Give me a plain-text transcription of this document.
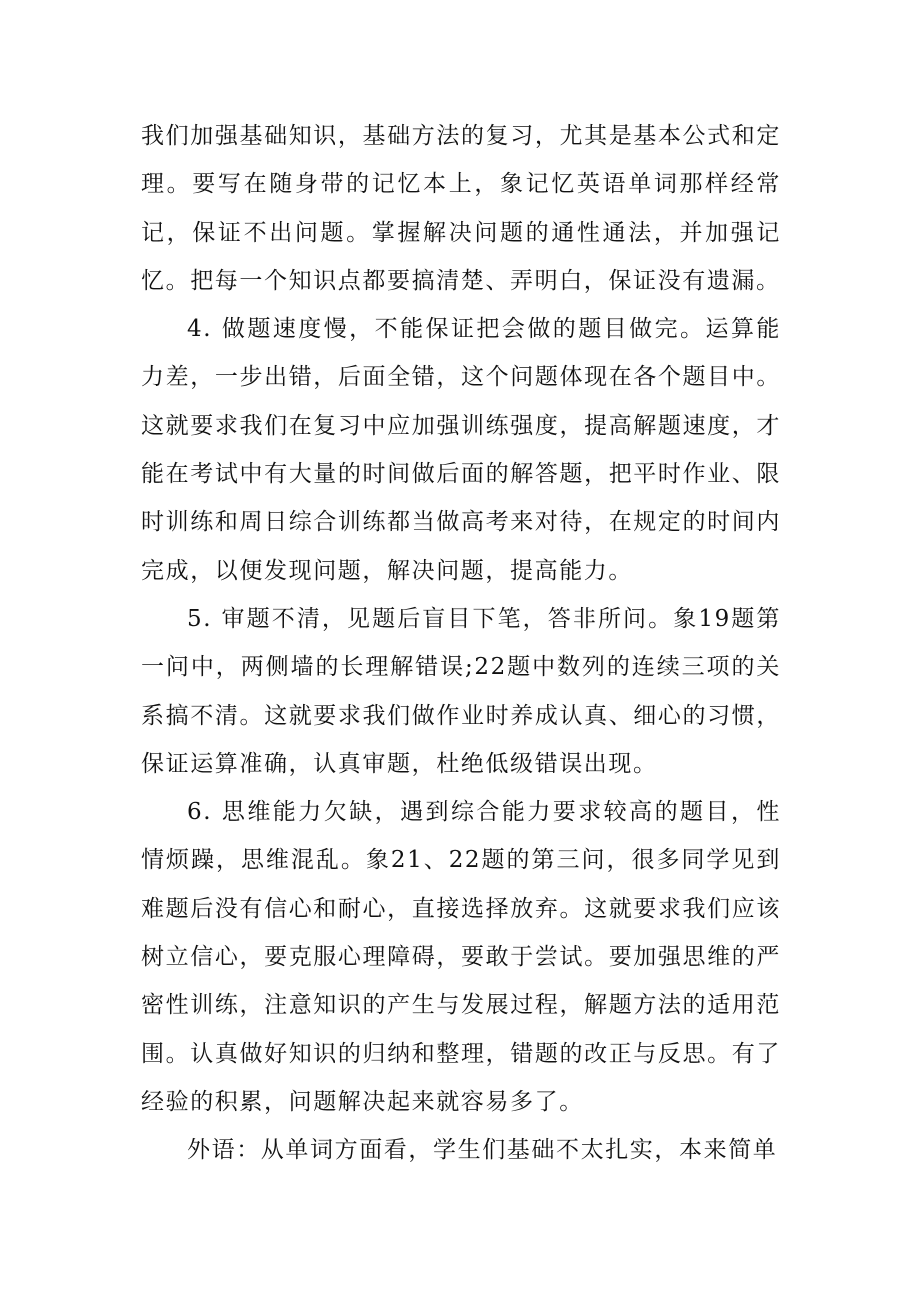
我们加强基础知识，基础方法的复习，尤其是基本公式和定理。要写在随身带的记忆本上，象记忆英语单词那样经常记，保证不出问题。掌握解决问题的通性通法，并加强记忆。把每一个知识点都要搞清楚、弄明白，保证没有遗漏。

4. 做题速度慢，不能保证把会做的题目做完。运算能力差，一步出错，后面全错，这个问题体现在各个题目中。这就要求我们在复习中应加强训练强度，提高解题速度，才能在考试中有大量的时间做后面的解答题，把平时作业、限时训练和周日综合训练都当做高考来对待，在规定的时间内完成，以便发现问题，解决问题，提高能力。

5. 审题不清，见题后盲目下笔，答非所问。象19题第一问中，两侧墙的长理解错误;22题中数列的连续三项的关系搞不清。这就要求我们做作业时养成认真、细心的习惯，保证运算准确，认真审题，杜绝低级错误出现。

6. 思维能力欠缺，遇到综合能力要求较高的题目，性情烦躁，思维混乱。象21、22题的第三问，很多同学见到难题后没有信心和耐心，直接选择放弃。这就要求我们应该树立信心，要克服心理障碍，要敢于尝试。要加强思维的严密性训练，注意知识的产生与发展过程，解题方法的适用范围。认真做好知识的归纳和整理，错题的改正与反思。有了经验的积累，问题解决起来就容易多了。

外语：从单词方面看，学生们基础不太扎实，本来简单
